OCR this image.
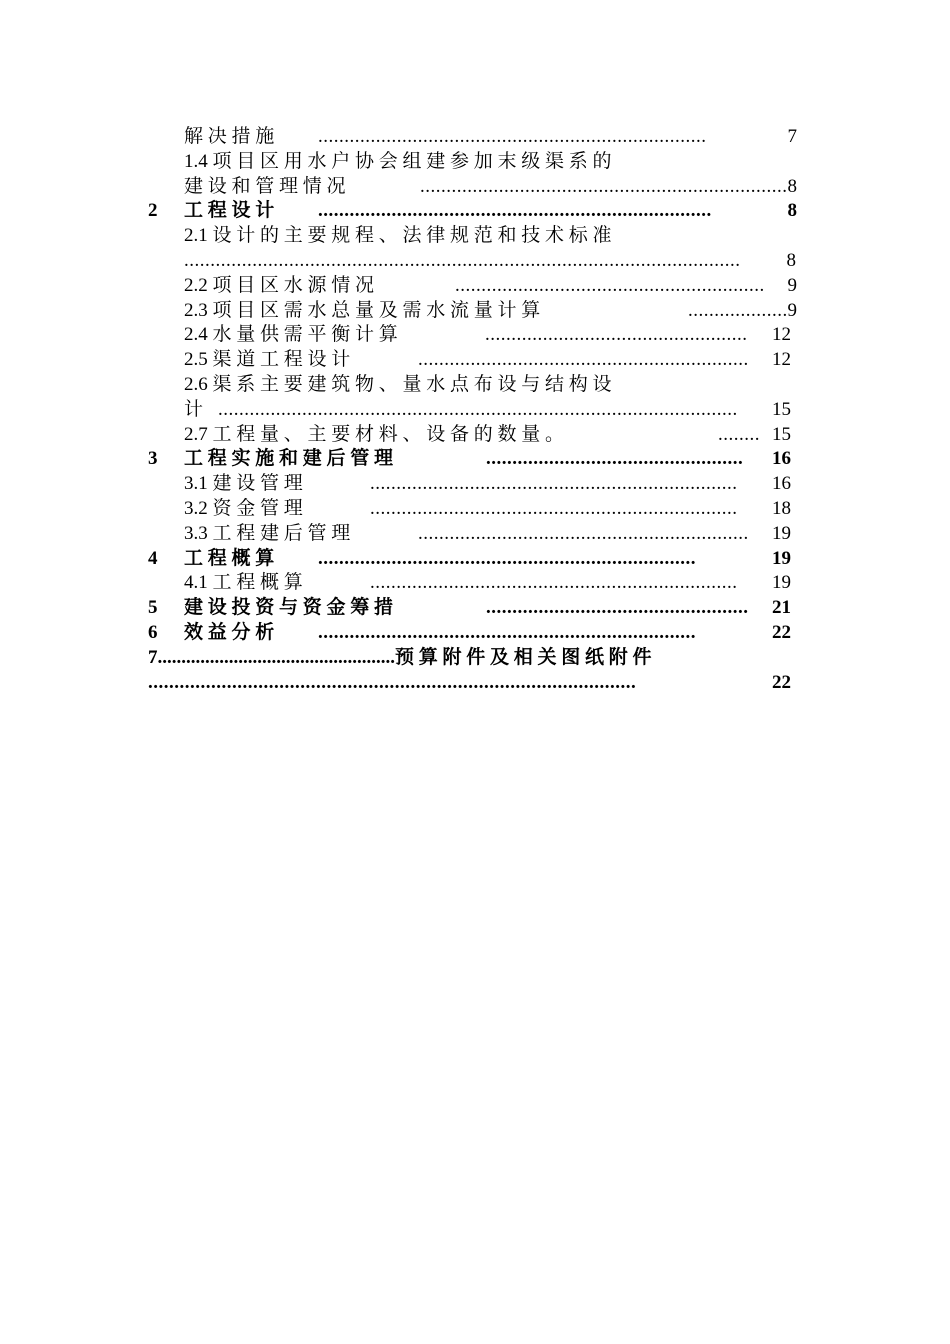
解 决 措 施 ..........................................................................	7
1.4 项 目 区 用 水 户 协 会 组 建 参 加 末 级 渠 系 的
建 设 和 管 理 情 况	...................................................................... 8
2 工 程 设 计 ...........................................................................	8
2.1 设 计 的 主 要 规 程 、 法 律 规 范 和 技 术 标 准
..........................................................................................................	8
2.2 项 目 区 水 源 情 况	........................................................... 9
2.3 项 目 区 需 水 总 量 及 需 水 流 量 计 算	................... 9
2.4 水 量 供 需 平 衡 计 算	..................................................	12
2.5 渠 道 工 程 设 计	...............................................................	12
2.6 渠 系 主 要 建 筑 物 、 量 水 点 布 设 与 结 构 设
计 ...................................................................................................	15
2.7 工 程 量 、 主 要 材 料 、 设 备 的 数 量 。	........ 15
3 工 程 实 施 和 建 后 管 理	.................................................	16
3.1 建 设 管 理	......................................................................	16
3.2 资 金 管 理	......................................................................	18
3.3 工 程 建 后 管 理	...............................................................	19
4 工 程 概 算 ........................................................................	19
4.1 工 程 概 算	......................................................................	19
5 建 设 投 资 与 资 金 筹 措	..................................................	21
6 效 益 分 析 ........................................................................	22
7..................................................预 算 附 件 及 相 关 图 纸 附 件
.............................................................................................	22
